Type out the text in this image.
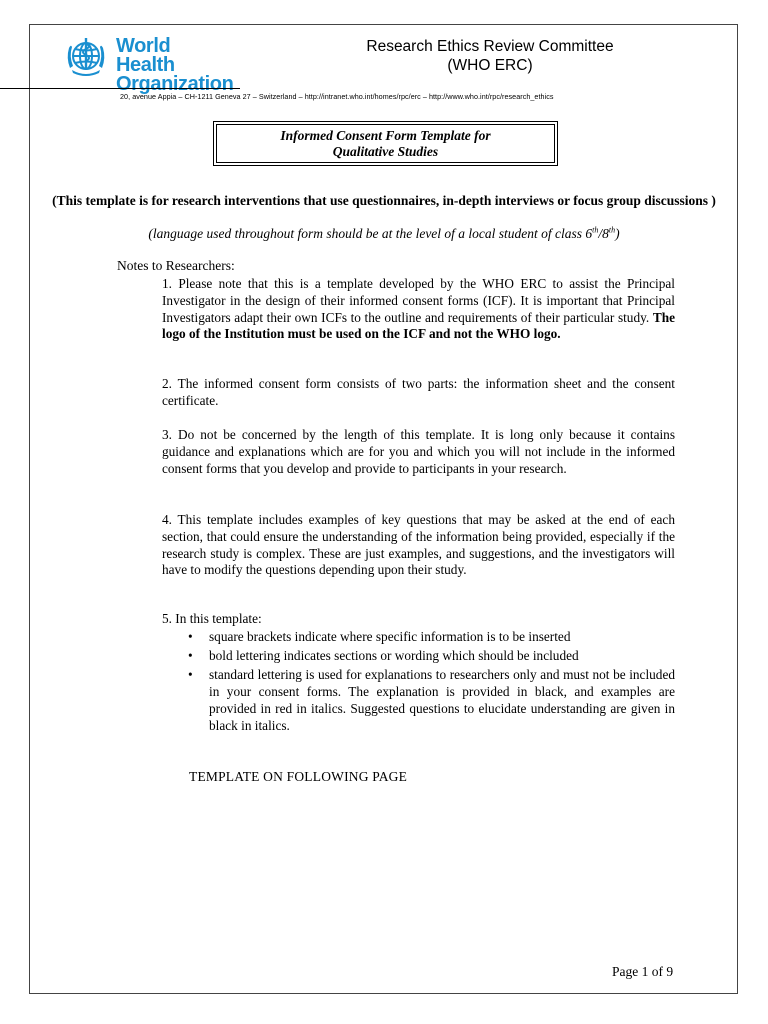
World Health
Organization
Research Ethics Review Committee
(WHO ERC)
20, avenue Appia – CH-1211 Geneva 27 – Switzerland – http://intranet.who.int/homes/rpc/erc – http://www.who.int/rpc/research_ethics
Informed Consent Form Template for
Qualitative Studies
(This template is for research interventions that use questionnaires, in-depth interviews or focus group discussions )
(language used throughout form should be at the level of a local student of class 6th/8th)
Notes to Researchers:
1. Please note that this is a template developed by the WHO ERC to assist the Principal Investigator in the design of their informed consent forms (ICF). It is important that Principal Investigators adapt their own ICFs to the outline and requirements of their particular study. The logo of the Institution must be used on the ICF and not the WHO logo.
2. The informed consent form consists of two parts: the information sheet and the consent certificate.
3. Do not be concerned by the length of this template. It is long only because it contains guidance and explanations which are for you and which you will not include in the informed consent forms that you develop and provide to participants in your research.
4. This template includes examples of key questions that may be asked at the end of each section, that could ensure the understanding of the information being provided, especially if the research study is complex. These are just examples, and suggestions, and the investigators will have to modify the questions depending upon their study.
5. In this template:
• square brackets indicate where specific information is to be inserted
• bold lettering indicates sections or wording which should be included
• standard lettering is used for explanations to researchers only and must not be included in your consent forms. The explanation is provided in black, and examples are provided in red in italics. Suggested questions to elucidate understanding are given in black in italics.
TEMPLATE ON FOLLOWING PAGE
Page 1 of 9
